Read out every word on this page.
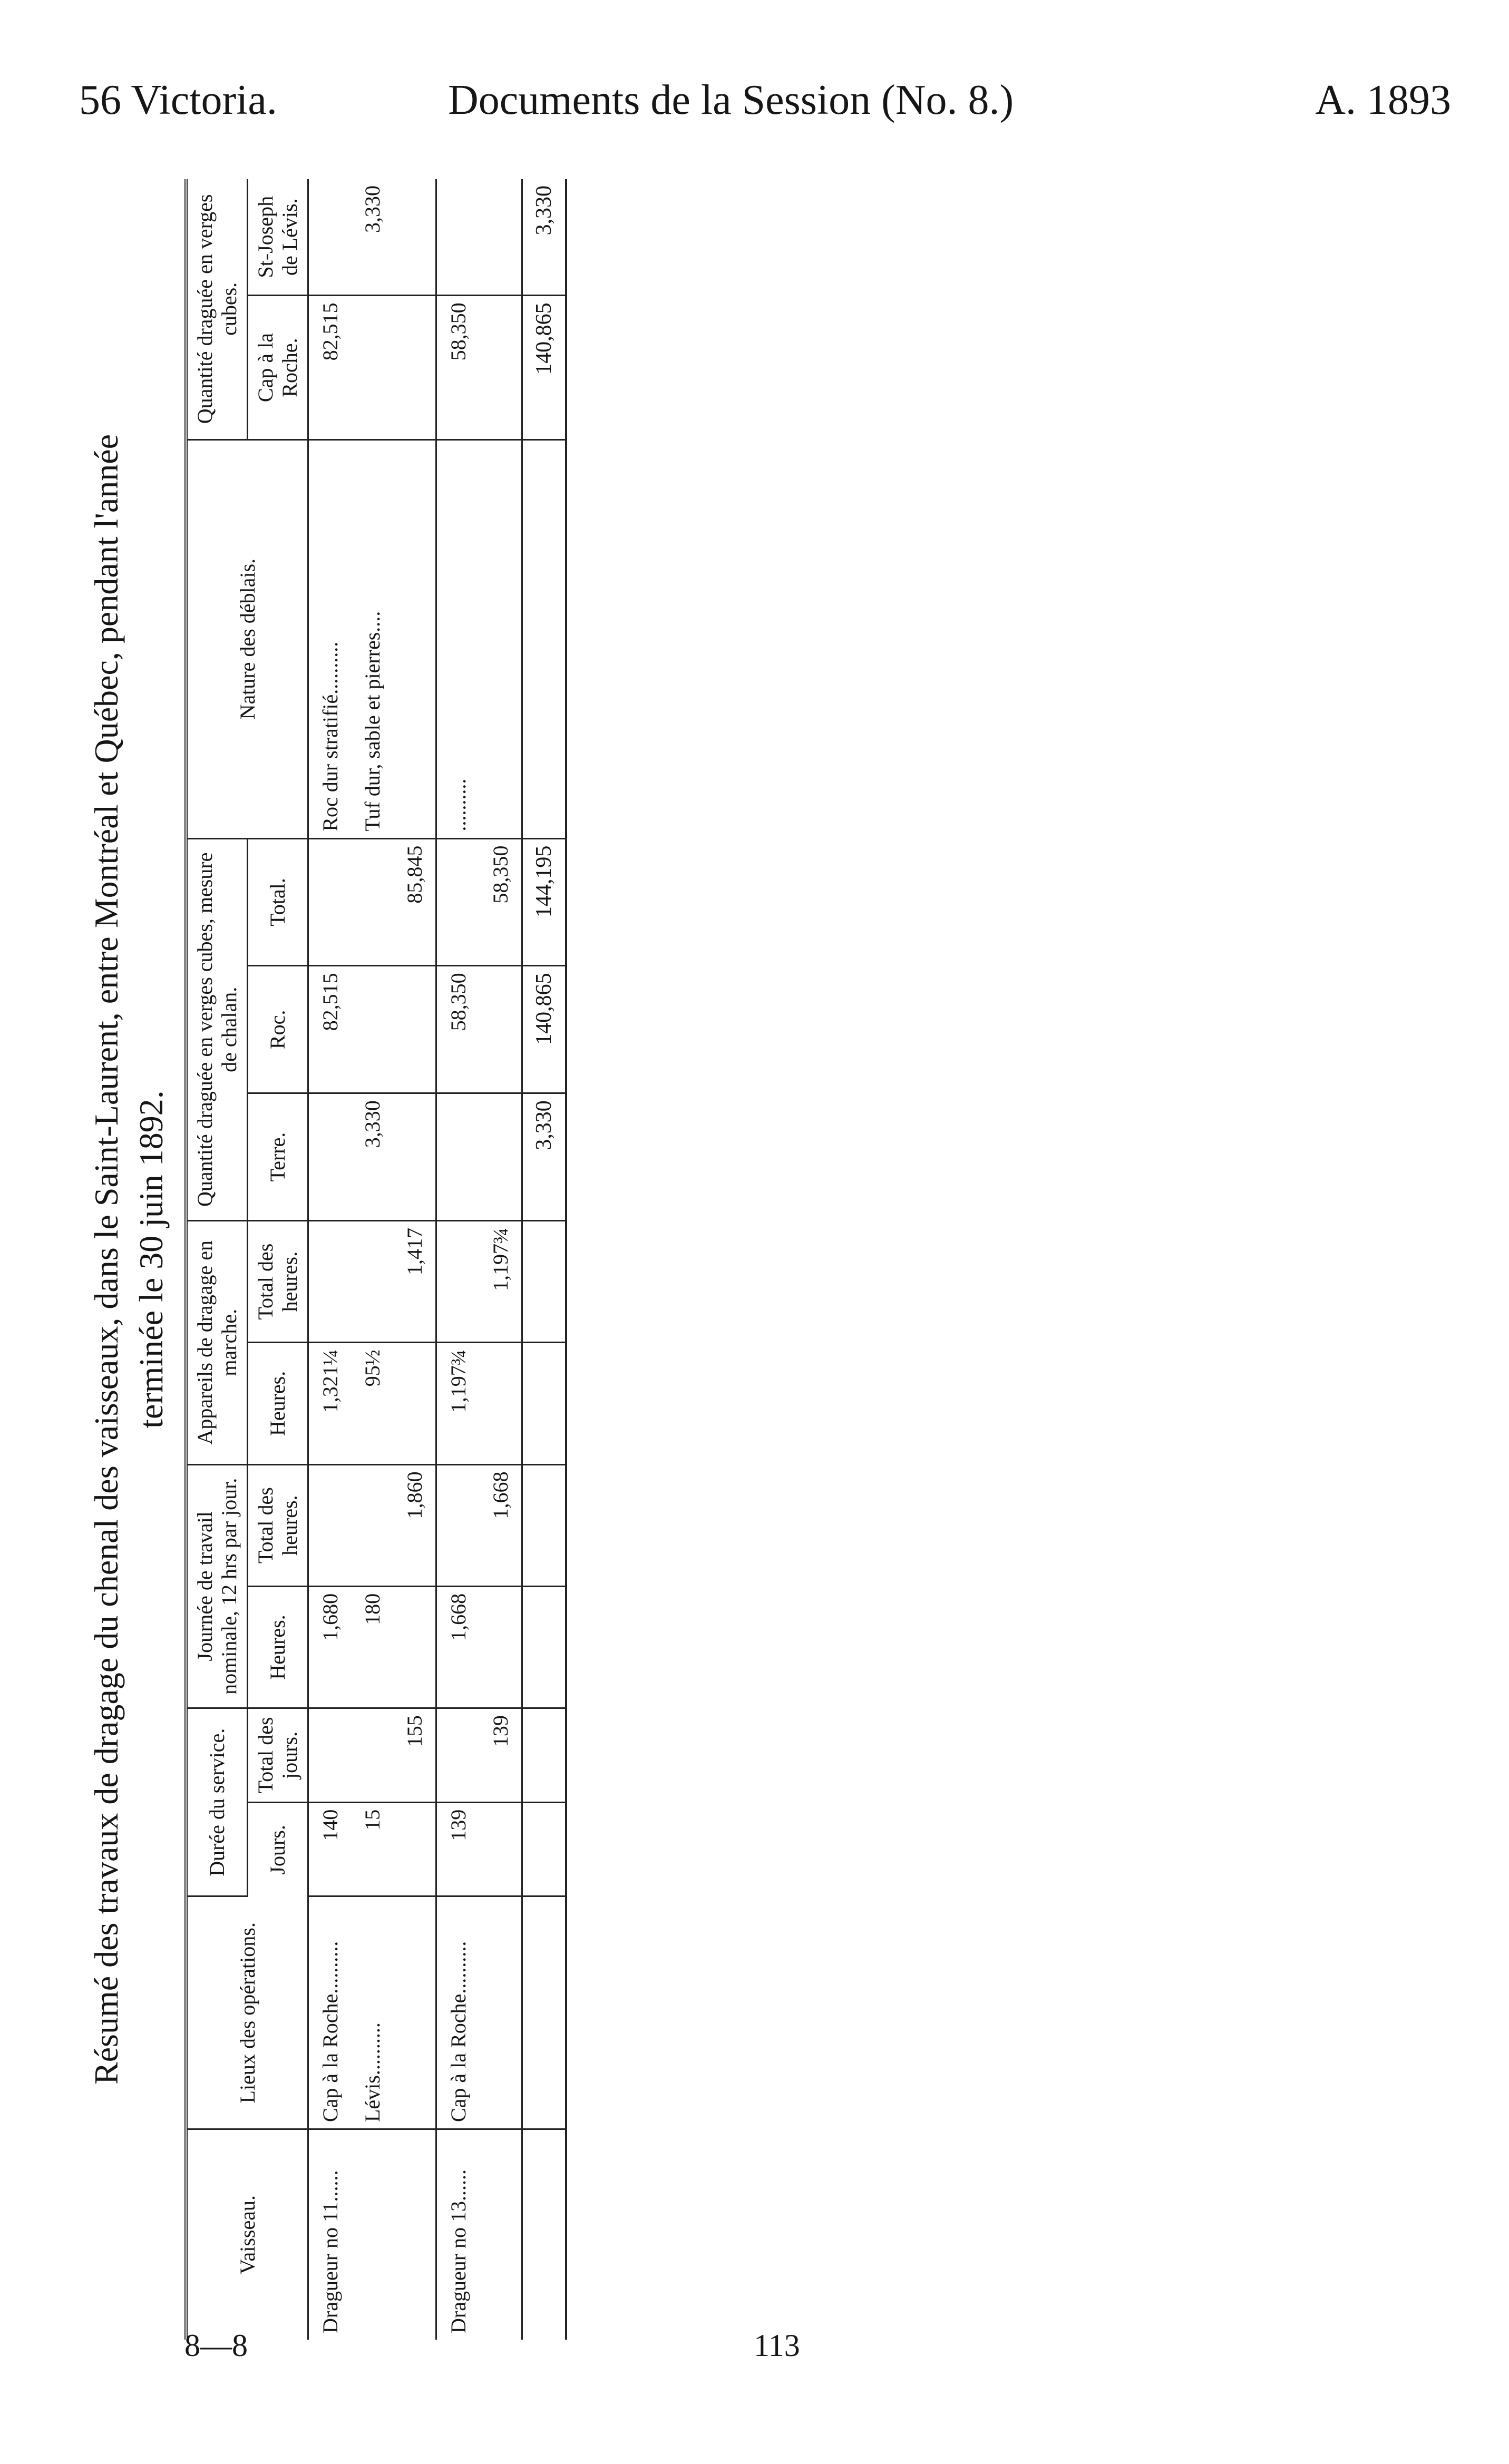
56 Victoria.	Documents de la Session (No. 8.)	A. 1893
Résumé des travaux de dragage du chenal des vaisseaux, dans le Saint-Laurent, entre Montréal et Québec, pendant l'année terminée le 30 juin 1892.
Vaisseau.	Lieux des opérations.	Durée du service.		Journée de travail nominale, 12 hrs par jour.		Appareils de dragage en marche.		Quantité draguée en verges cubes, mesure de chalan.			Nature des déblais.	Quantité draguée en verges cubes.	
		Jours.	Total des jours.	Heures.	Total des heures.	Heures.	Total des heures.	Terre.	Roc.	Total.		Cap à la Roche.	St-Joseph de Lévis.
Dragueur no 11......	Cap à la Roche..........	140		1,680		1,321¼			82,515		Roc dur stratifié..........	82,515	
	Lévis..........	15		180		95½		3,330			Tuf dur, sable et pierres....		3,330
			155		1,860		1,417			85,845			
Dragueur no 13......	Cap à la Roche..........	139		1,668		1,197¾			58,350		..........	58,350	
			139		1,668		1,197¾			58,350			
								3,330	140,865	144,195		140,865	3,330
8—8	113
